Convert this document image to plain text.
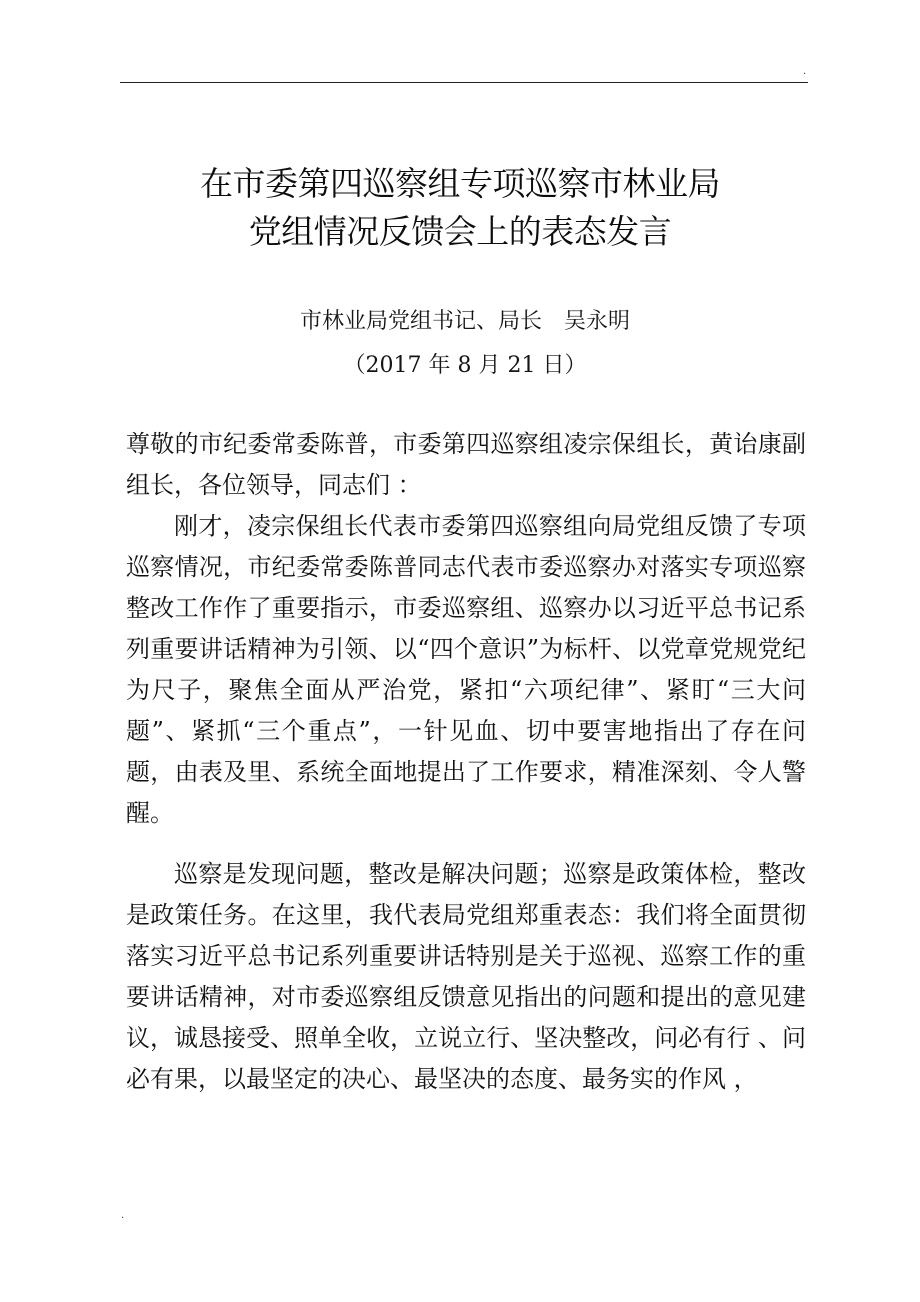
.
在市委第四巡察组专项巡察市林业局
党组情况反馈会上的表态发言
市林业局党组书记、局长　吴永明
（2017 年 8 月 21 日）

尊敬的市纪委常委陈普，市委第四巡察组凌宗保组长，黄诒康副组长，各位领导，同志们 ：

刚才，凌宗保组长代表市委第四巡察组向局党组反馈了专项巡察情况，市纪委常委陈普同志代表市委巡察办对落实专项巡察整改工作作了重要指示，市委巡察组、巡察办以习近平总书记系列重要讲话精神为引领、以“四个意识”为标杆、以党章党规党纪为尺子，聚焦全面从严治党，紧扣“六项纪律”、紧盯“三大问题”、紧抓“三个重点”，一针见血、切中要害地指出了存在问题，由表及里、系统全面地提出了工作要求，精准深刻、令人警醒。

巡察是发现问题，整改是解决问题；巡察是政策体检，整改是政策任务。在这里，我代表局党组郑重表态：我们将全面贯彻落实习近平总书记系列重要讲话特别是关于巡视、巡察工作的重要讲话精神，对市委巡察组反馈意见指出的问题和提出的意见建议，诚恳接受、照单全收，立说立行、坚决整改，问必有行 、问必有果，以最坚定的决心、最坚决的态度、最务实的作风 ，

.
